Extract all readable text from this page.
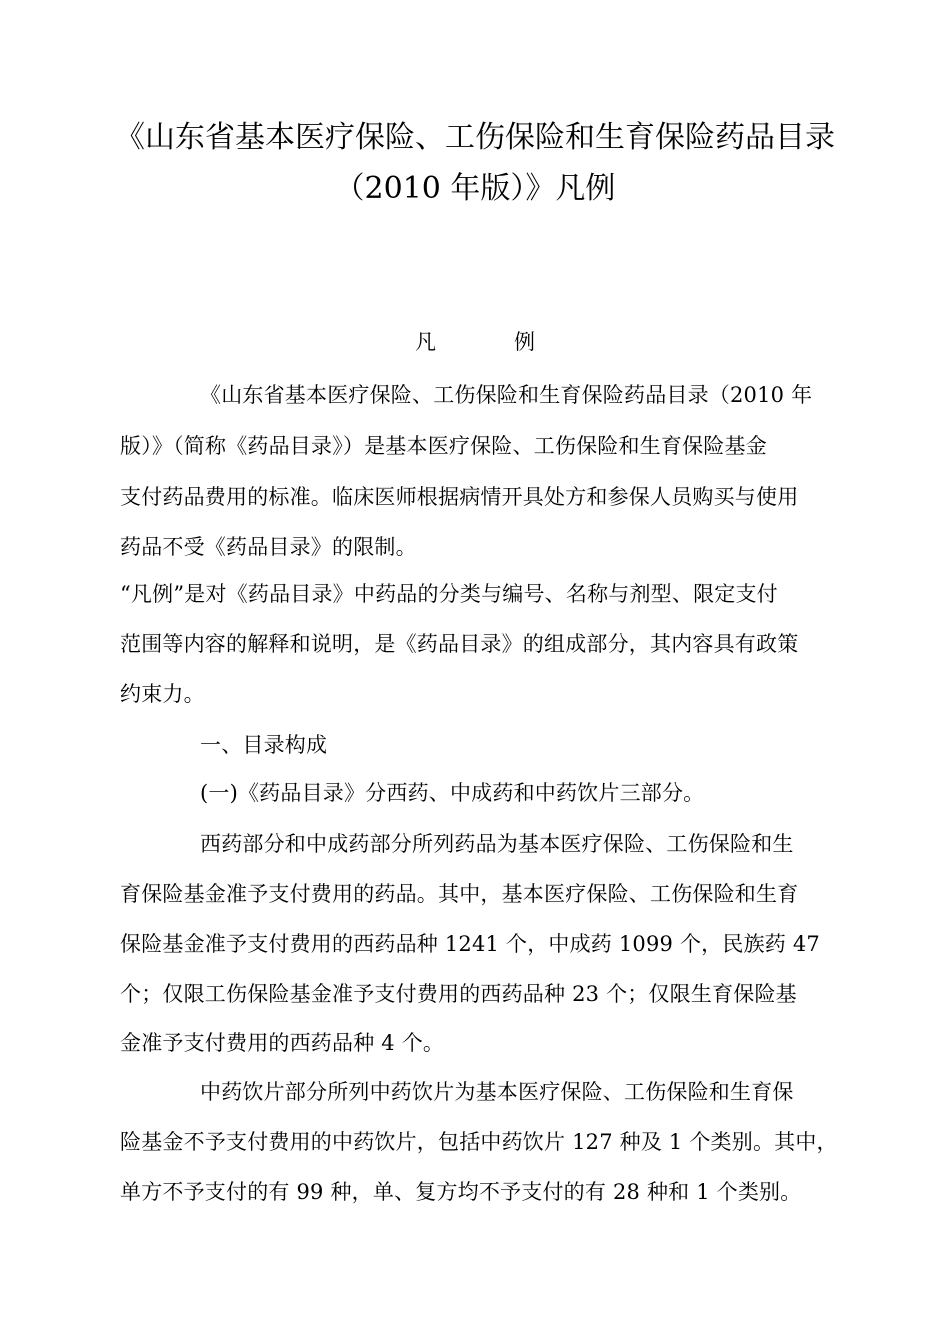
《山东省基本医疗保险、工伤保险和生育保险药品目录
（2010 年版）》凡例
凡	例
《山东省基本医疗保险、工伤保险和生育保险药品目录（2010 年
版）》（简称《药品目录》）是基本医疗保险、工伤保险和生育保险基金
支付药品费用的标准。临床医师根据病情开具处方和参保人员购买与使用
药品不受《药品目录》的限制。
“凡例”是对《药品目录》中药品的分类与编号、名称与剂型、限定支付
范围等内容的解释和说明，是《药品目录》的组成部分，其内容具有政策
约束力。
一、目录构成
(一)《药品目录》分西药、中成药和中药饮片三部分。
西药部分和中成药部分所列药品为基本医疗保险、工伤保险和生
育保险基金准予支付费用的药品。其中，基本医疗保险、工伤保险和生育
保险基金准予支付费用的西药品种 1241 个，中成药 1099 个，民族药 47
个；仅限工伤保险基金准予支付费用的西药品种 23 个；仅限生育保险基
金准予支付费用的西药品种 4 个。
中药饮片部分所列中药饮片为基本医疗保险、工伤保险和生育保
险基金不予支付费用的中药饮片，包括中药饮片 127 种及 1 个类别。其中，
单方不予支付的有 99 种，单、复方均不予支付的有 28 种和 1 个类别。
